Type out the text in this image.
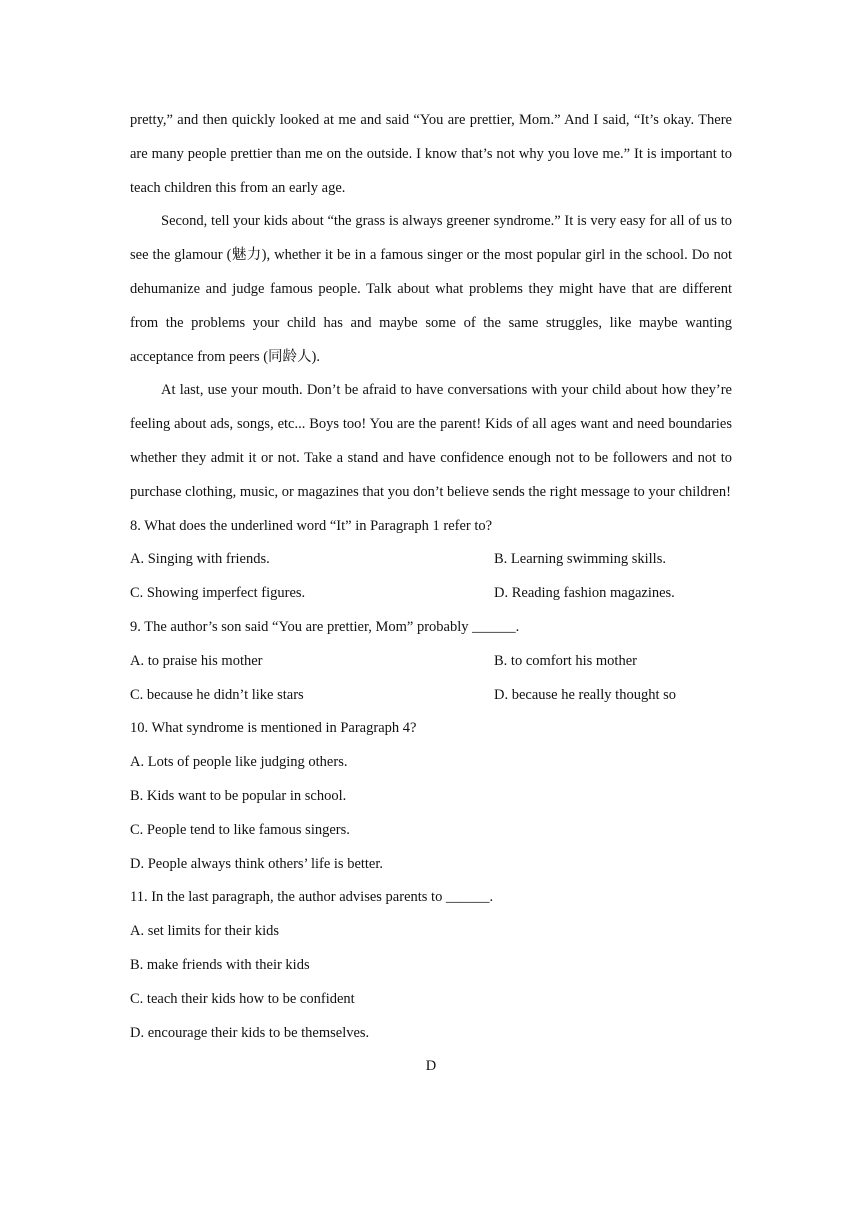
pretty,” and then quickly looked at me and said “You are prettier, Mom.” And I said, “It’s okay. There are many people prettier than me on the outside. I know that’s not why you love me.” It is important to teach children this from an early age.
Second, tell your kids about “the grass is always greener syndrome.” It is very easy for all of us to see the glamour (魅力), whether it be in a famous singer or the most popular girl in the school. Do not dehumanize and judge famous people. Talk about what problems they might have that are different from the problems your child has and maybe some of the same struggles, like maybe wanting acceptance from peers (同龄人).
At last, use your mouth. Don’t be afraid to have conversations with your child about how they’re feeling about ads, songs, etc... Boys too! You are the parent! Kids of all ages want and need boundaries whether they admit it or not. Take a stand and have confidence enough not to be followers and not to purchase clothing, music, or magazines that you don’t believe sends the right message to your children!
8. What does the underlined word “It” in Paragraph 1 refer to?
A. Singing with friends.	B. Learning swimming skills.
C. Showing imperfect figures.	D. Reading fashion magazines.
9. The author’s son said “You are prettier, Mom” probably ______.
A. to praise his mother	B. to comfort his mother
C. because he didn’t like stars	D. because he really thought so
10. What syndrome is mentioned in Paragraph 4?
A. Lots of people like judging others.
B. Kids want to be popular in school.
C. People tend to like famous singers.
D. People always think others’ life is better.
11. In the last paragraph, the author advises parents to ______.
A. set limits for their kids
B. make friends with their kids
C. teach their kids how to be confident
D. encourage their kids to be themselves.
D
